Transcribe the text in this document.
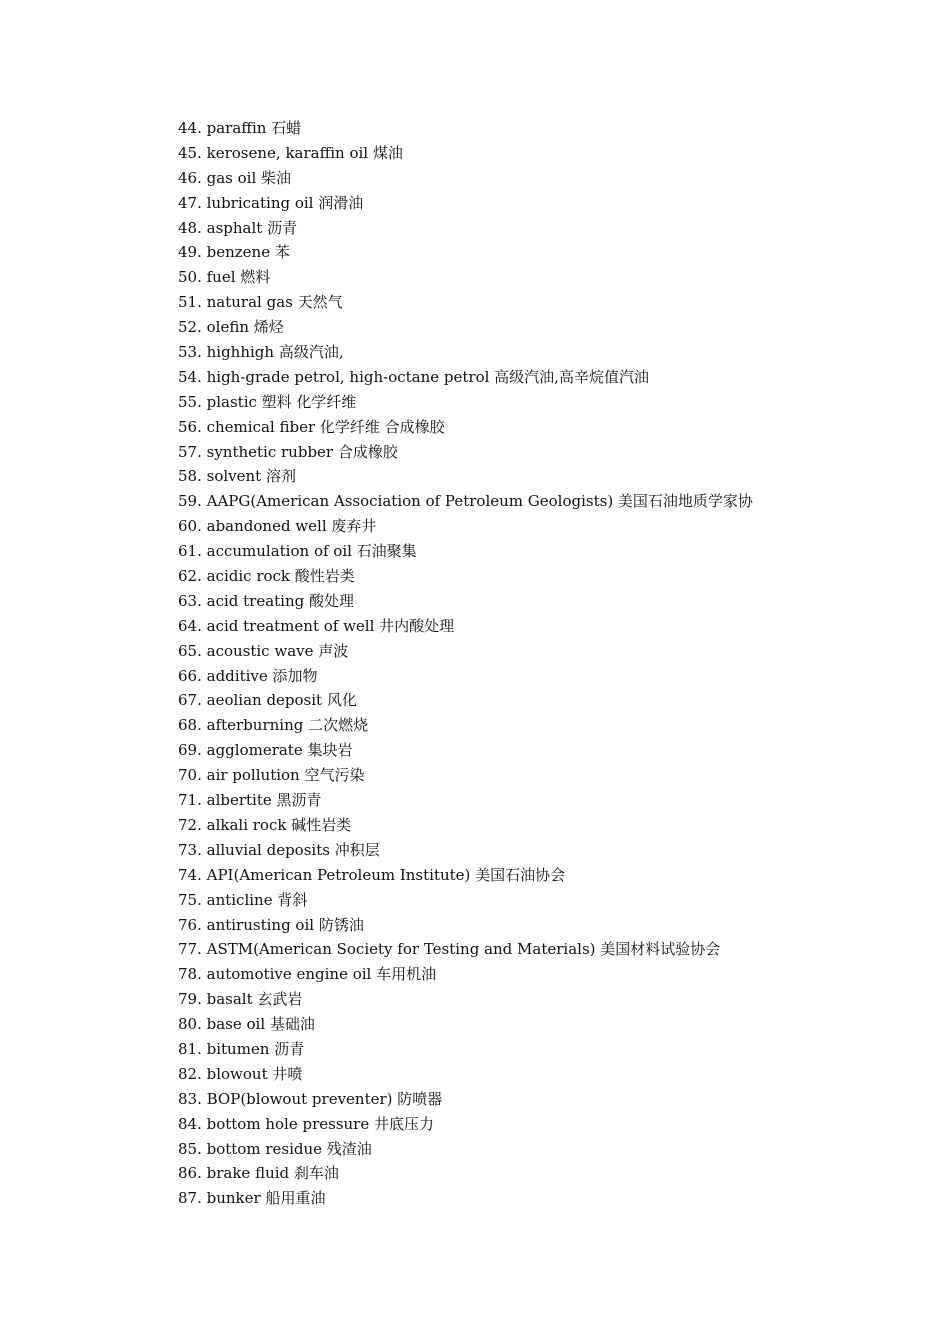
44. paraffin 石蜡
45. kerosene, karaffin oil 煤油
46. gas oil 柴油
47. lubricating oil 润滑油
48. asphalt 沥青
49. benzene 苯
50. fuel 燃料
51. natural gas 天然气
52. olefin 烯烃
53. highhigh 高级汽油,
54. high-grade petrol, high-octane petrol 高级汽油,高辛烷值汽油
55. plastic 塑料 化学纤维
56. chemical fiber 化学纤维 合成橡胶
57. synthetic rubber 合成橡胶
58. solvent 溶剂
59. AAPG(American Association of Petroleum Geologists) 美国石油地质学家协
60. abandoned well 废弃井
61. accumulation of oil 石油聚集
62. acidic rock 酸性岩类
63. acid treating 酸处理
64. acid treatment of well 井内酸处理
65. acoustic wave 声波
66. additive 添加物
67. aeolian deposit 风化
68. afterburning 二次燃烧
69. agglomerate 集块岩
70. air pollution 空气污染
71. albertite 黑沥青
72. alkali rock 碱性岩类
73. alluvial deposits 冲积层
74. API(American Petroleum Institute) 美国石油协会
75. anticline 背斜
76. antirusting oil 防锈油
77. ASTM(American Society for Testing and Materials) 美国材料试验协会
78. automotive engine oil 车用机油
79. basalt 玄武岩
80. base oil 基础油
81. bitumen 沥青
82. blowout 井喷
83. BOP(blowout preventer) 防喷器
84. bottom hole pressure 井底压力
85. bottom residue 残渣油
86. brake fluid 刹车油
87. bunker 船用重油
